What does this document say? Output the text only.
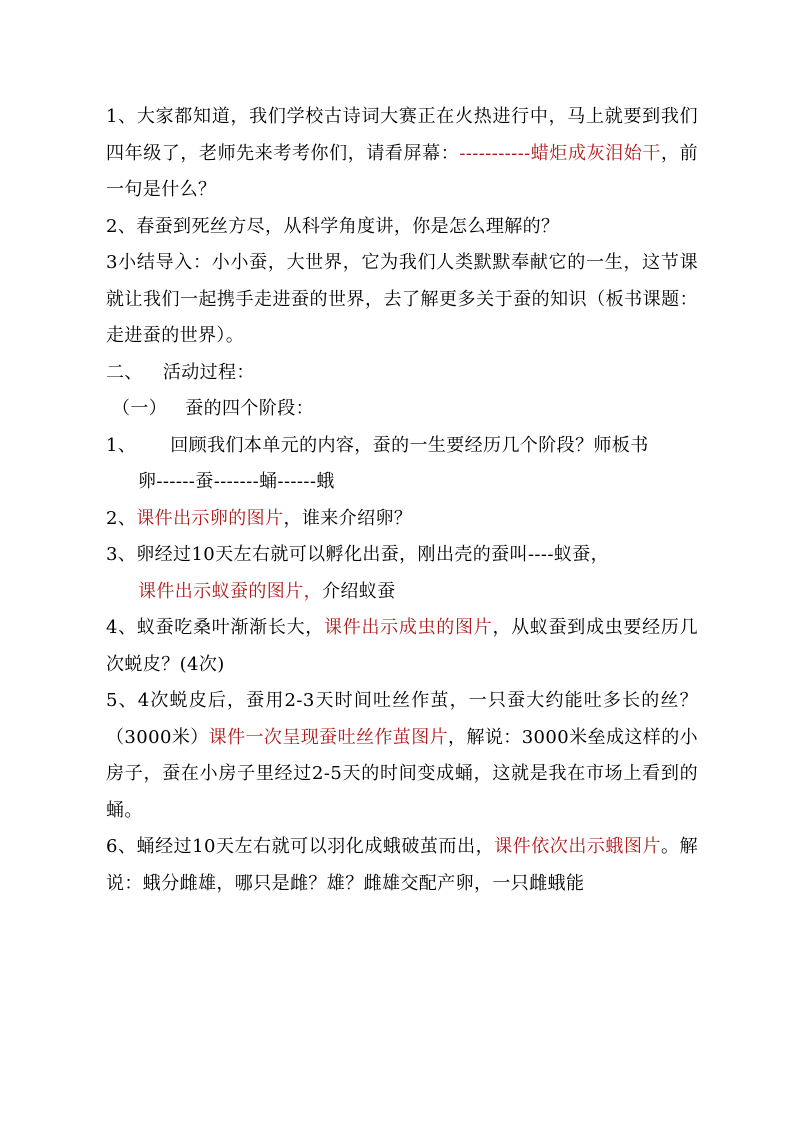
1、大家都知道，我们学校古诗词大赛正在火热进行中，马上就要到我们四年级了，老师先来考考你们，请看屏幕：-----------蜡炬成灰泪始干，前一句是什么？

2、春蚕到死丝方尽，从科学角度讲，你是怎么理解的？

3小结导入：小小蚕，大世界，它为我们人类默默奉献它的一生，这节课就让我们一起携手走进蚕的世界，去了解更多关于蚕的知识（板书课题：走进蚕的世界）。

二、 活动过程：

（一） 蚕的四个阶段：

1、 回顾我们本单元的内容，蚕的一生要经历几个阶段？师板书

卵------蚕-------蛹------蛾

2、课件出示卵的图片，谁来介绍卵？

3、卵经过10天左右就可以孵化出蚕，刚出壳的蚕叫----蚁蚕，

课件出示蚁蚕的图片，介绍蚁蚕

4、蚁蚕吃桑叶渐渐长大，课件出示成虫的图片，从蚁蚕到成虫要经历几次蜕皮？(4次)

5、4次蜕皮后，蚕用2-3天时间吐丝作茧，一只蚕大约能吐多长的丝？（3000米）课件一次呈现蚕吐丝作茧图片，解说：3000米垒成这样的小房子，蚕在小房子里经过2-5天的时间变成蛹，这就是我在市场上看到的蛹。

6、蛹经过10天左右就可以羽化成蛾破茧而出，课件依次出示蛾图片。解说：蛾分雌雄，哪只是雌？雄？雌雄交配产卵，一只雌蛾能
